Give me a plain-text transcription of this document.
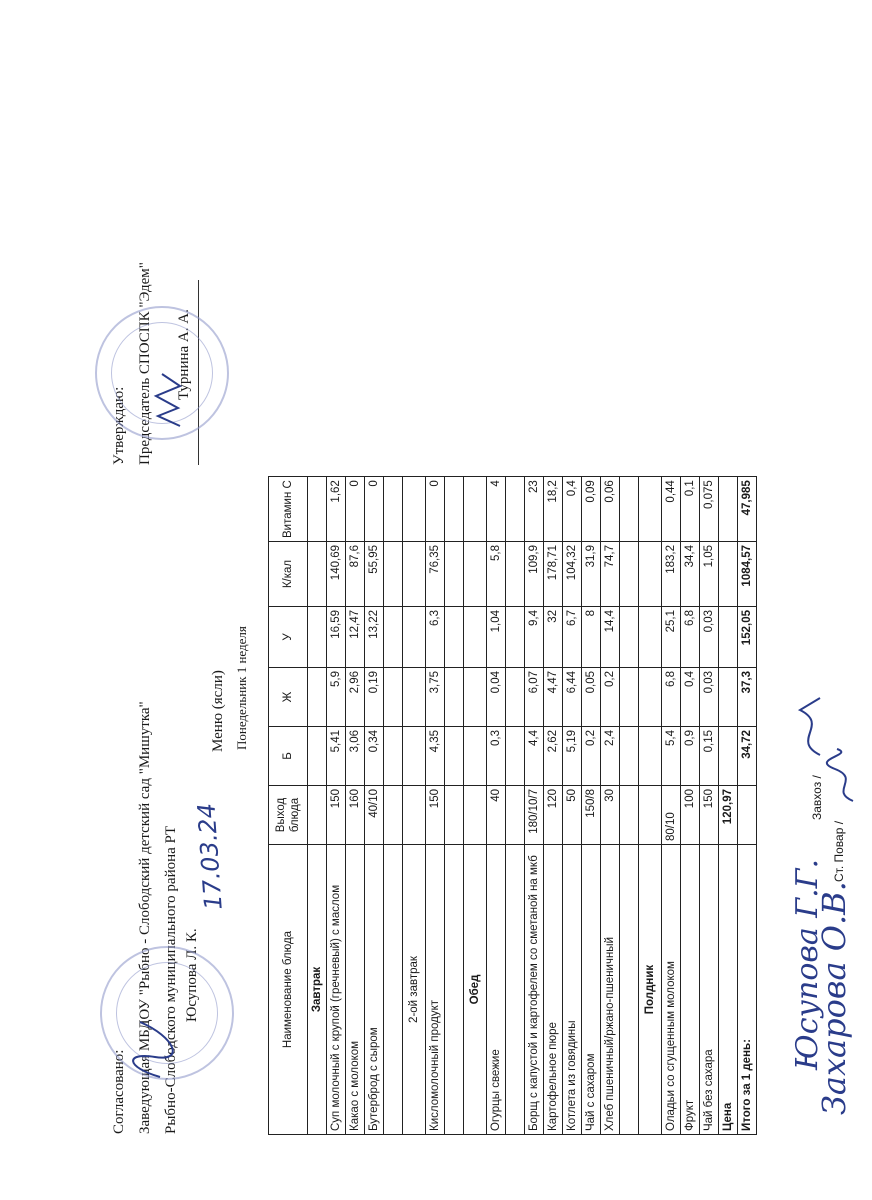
Согласовано: Заведующая МБДОУ "Рыбно - Слободский детский сад "Мишутка" Рыбно-Слободского муниципального района РТ Юсупова Л. К.
Утверждаю: Председатель СПОСПК "Эдем"	Турнина А. А.
17.03.24
Меню (ясли) Понедельник 1 неделя
Наименование блюда	Выход блюда	Б	Ж	У	К/кал	Витамин С
Завтрак						
Суп молочный с крупой (гречневый) с маслом	150	5,41	5,9	16,59	140,69	1,62
Какао с молоком	160	3,06	2,96	12,47	87,6	0
Бутерброд с сыром	40/10	0,34	0,19	13,22	55,95	0

2-ой завтрак						
Кисломолочный продукт	150	4,35	3,75	6,3	76,35	0

Обед						
Огурцы свежие	40	0,3	0,04	1,04	5,8	4

Борщ с капустой и картофелем со сметаной на мкб	180/10/7	4,4	6,07	9,4	109,9	23
Картофельное пюре	120	2,62	4,47	32	178,71	18,2
Котлета из говядины	50	5,19	6,44	6,7	104,32	0,4
Чай с сахаром	150/8	0,2	0,05	8	31,9	0,09
Хлеб пшеничный/ржано-пшеничный	30	2,4	0,2	14,4	74,7	0,06

Полдник						
Оладьи со сгущенным молоком	80/10	5,4	6,8	25,1	183,2	0,44
Фрукт	100	0,9	0,4	6,8	34,4	0,1
Чай без сахара	150	0,15	0,03	0,03	1,05	0,075
Цена	120,97					
Итого за 1 день:		34,72	37,3	152,05	1084,57	47,985
Завхоз /
Ст. Повар /
Юсупова Г.Г.
Захарова О.В.
